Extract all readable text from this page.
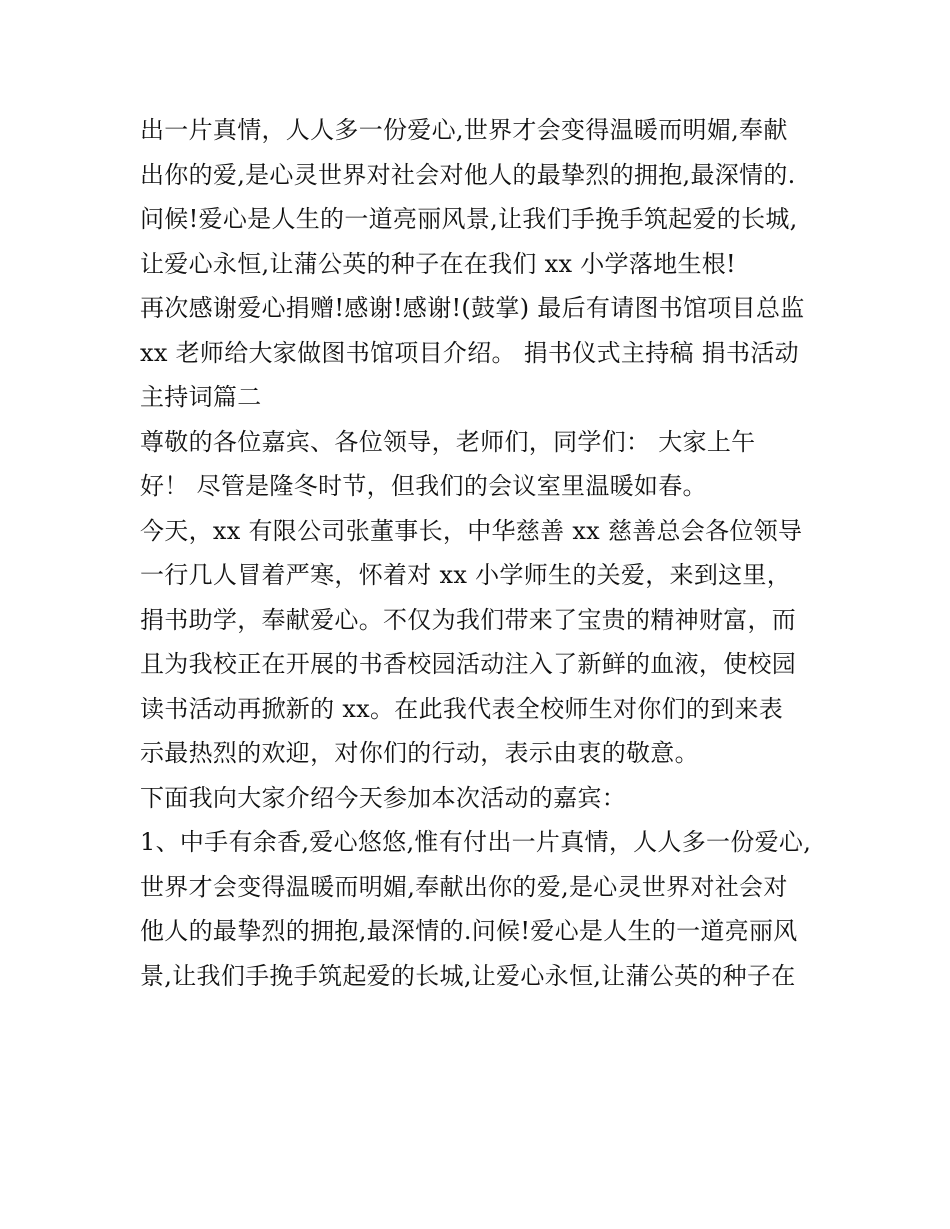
出一片真情，人人多一份爱心,世界才会变得温暖而明媚,奉献
出你的爱,是心灵世界对社会对他人的最挚烈的拥抱,最深情的.
问候!爱心是人生的一道亮丽风景,让我们手挽手筑起爱的长城,
让爱心永恒,让蒲公英的种子在在我们 xx 小学落地生根!
再次感谢爱心捐赠!感谢!感谢!(鼓掌) 最后有请图书馆项目总监
xx 老师给大家做图书馆项目介绍。 捐书仪式主持稿 捐书活动
主持词篇二
尊敬的各位嘉宾、各位领导，老师们，同学们： 大家上午
好！ 尽管是隆冬时节，但我们的会议室里温暖如春。
今天，xx 有限公司张董事长，中华慈善 xx 慈善总会各位领导
一行几人冒着严寒，怀着对 xx 小学师生的关爱，来到这里，
捐书助学，奉献爱心。不仅为我们带来了宝贵的精神财富，而
且为我校正在开展的书香校园活动注入了新鲜的血液，使校园
读书活动再掀新的 xx。在此我代表全校师生对你们的到来表
示最热烈的欢迎，对你们的行动，表示由衷的敬意。
下面我向大家介绍今天参加本次活动的嘉宾：
1、中手有余香,爱心悠悠,惟有付出一片真情，人人多一份爱心,
世界才会变得温暖而明媚,奉献出你的爱,是心灵世界对社会对
他人的最挚烈的拥抱,最深情的.问候!爱心是人生的一道亮丽风
景,让我们手挽手筑起爱的长城,让爱心永恒,让蒲公英的种子在
